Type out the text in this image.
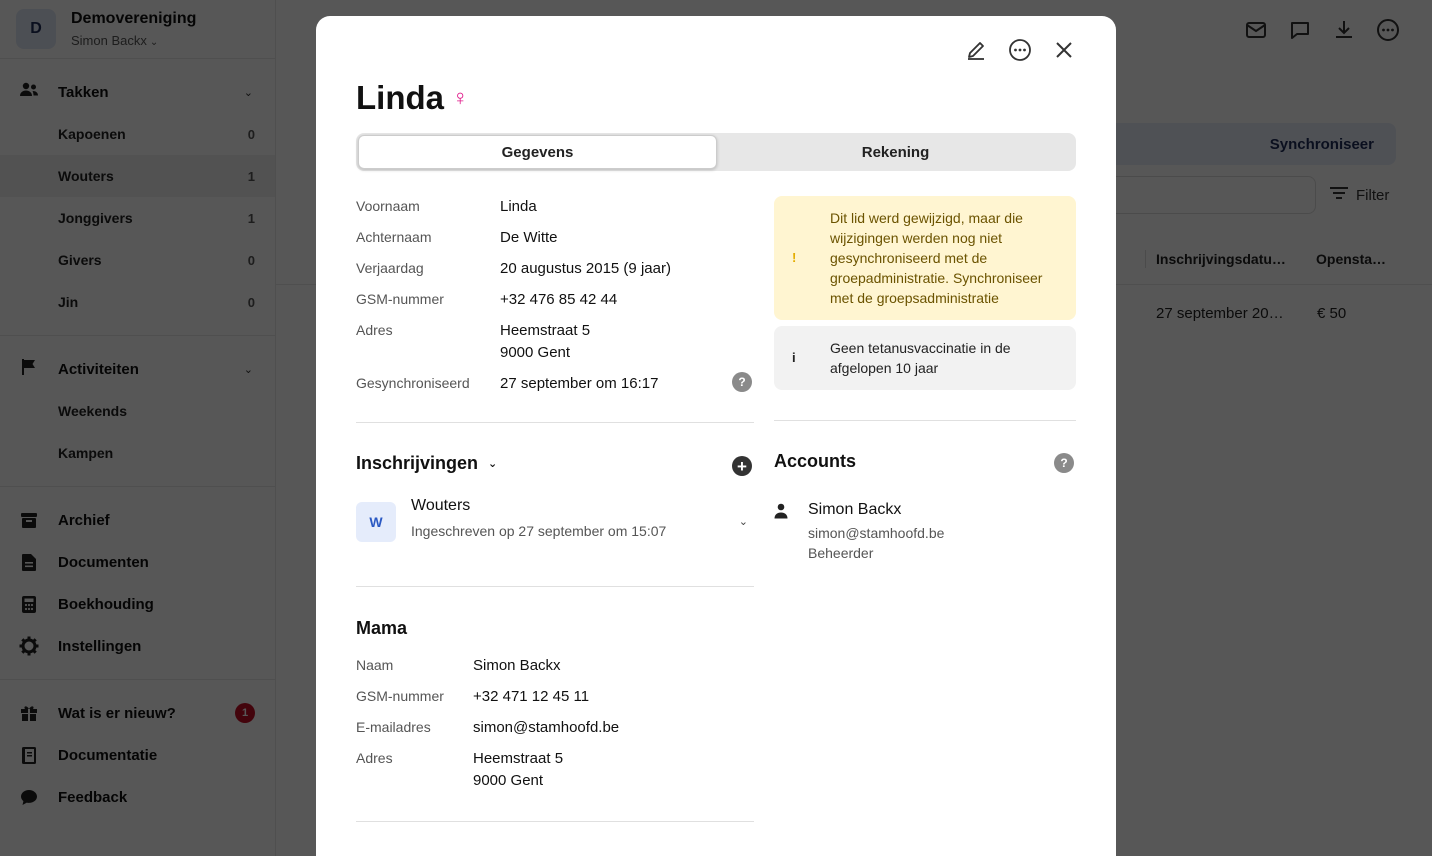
Linda ♀
Gegevens	Rekening
Voornaam	Linda
Achternaam	De Witte
Verjaardag	20 augustus 2015 (9 jaar)
GSM-nummer	+32 476 85 42 44
Adres	Heemstraat 5
9000 Gent
Gesynchroniseerd	27 september om 16:17	?
Inschrijvingen ⌄	+
W
Wouters
Ingeschreven op 27 september om 15:07
⌄
Mama
Naam	Simon Backx
GSM-nummer	+32 471 12 45 11
E-mailadres	simon@stamhoofd.be
Adres	Heemstraat 5
9000 Gent
!
Dit lid werd gewijzigd, maar die wijzigingen werden nog niet gesynchroniseerd met de groepadministratie. Synchroniseer met de groepsadministratie
i
Geen tetanusvaccinatie in de afgelopen 10 jaar
Accounts	?
Simon Backx
simon@stamhoofd.be
Beheerder
